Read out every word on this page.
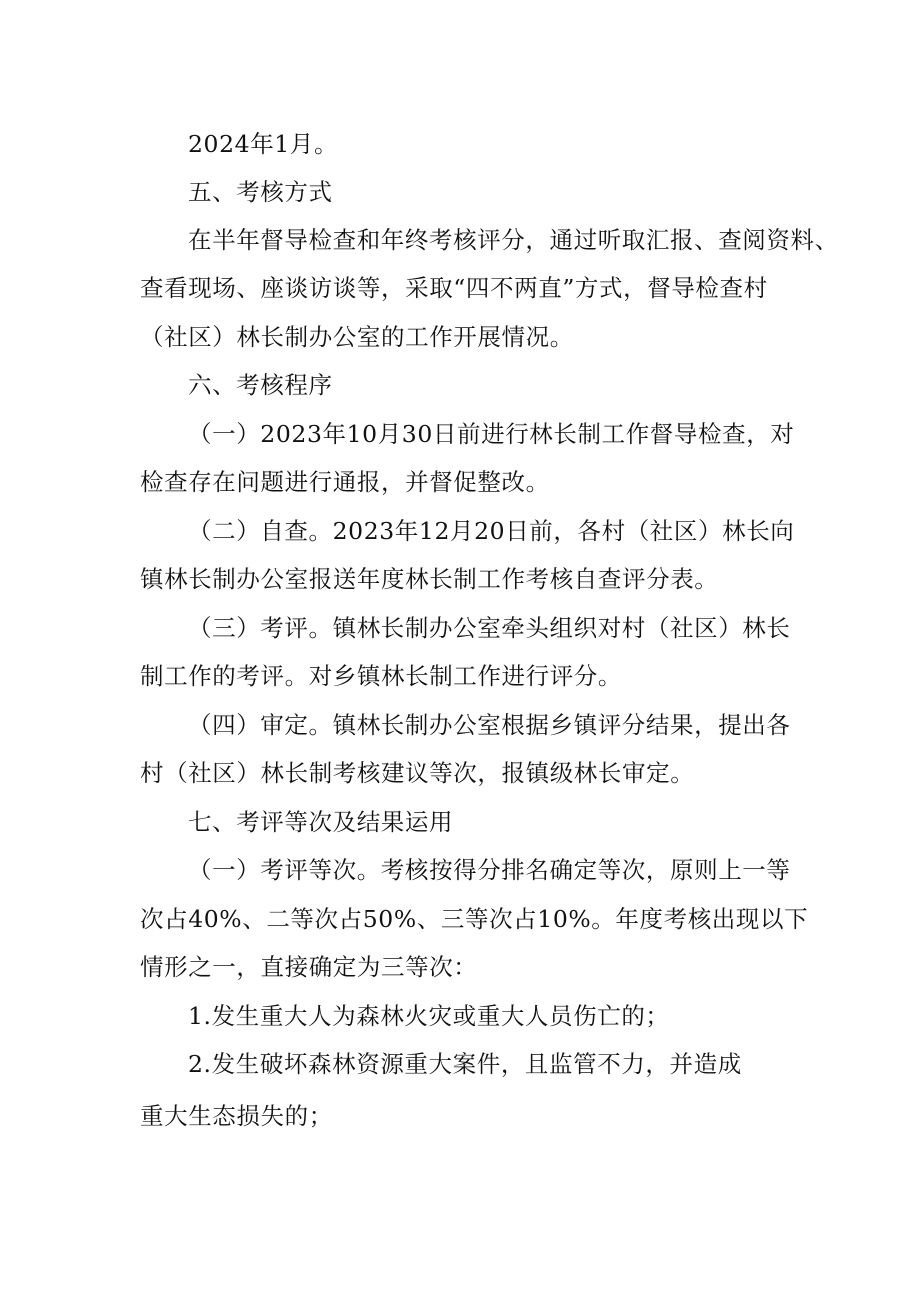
2024年1月。
五、考核方式
在半年督导检查和年终考核评分，通过听取汇报、查阅资料、
查看现场、座谈访谈等，采取“四不两直”方式，督导检查村
（社区）林长制办公室的工作开展情况。
六、考核程序
（一）2023年10月30日前进行林长制工作督导检查，对
检查存在问题进行通报，并督促整改。
（二）自查。2023年12月20日前，各村（社区）林长向
镇林长制办公室报送年度林长制工作考核自查评分表。
（三）考评。镇林长制办公室牵头组织对村（社区）林长
制工作的考评。对乡镇林长制工作进行评分。
（四）审定。镇林长制办公室根据乡镇评分结果，提出各
村（社区）林长制考核建议等次，报镇级林长审定。
七、考评等次及结果运用
（一）考评等次。考核按得分排名确定等次，原则上一等
次占40%、二等次占50%、三等次占10%。年度考核出现以下
情形之一，直接确定为三等次：
1.发生重大人为森林火灾或重大人员伤亡的；
2.发生破坏森林资源重大案件，且监管不力，并造成
重大生态损失的；
